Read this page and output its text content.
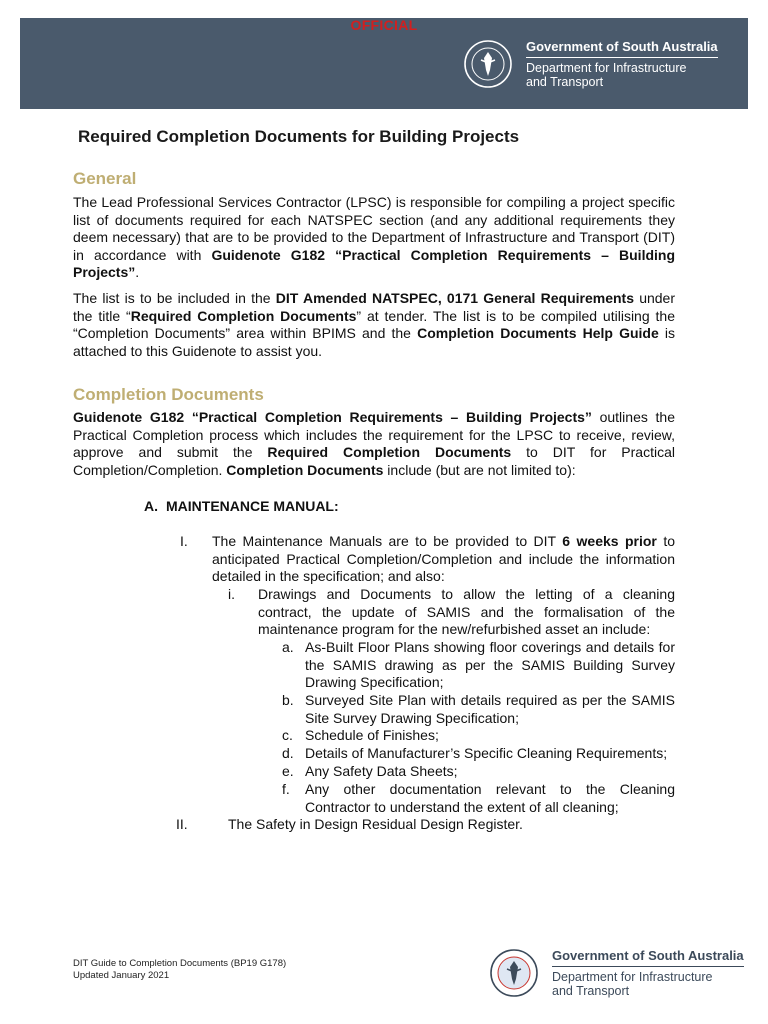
OFFICIAL
Government of South Australia
Department for Infrastructure
and Transport
Required Completion Documents for Building Projects
General
The Lead Professional Services Contractor (LPSC) is responsible for compiling a project specific list of documents required for each NATSPEC section (and any additional requirements they deem necessary) that are to be provided to the Department of Infrastructure and Transport (DIT) in accordance with Guidenote G182 “Practical Completion Requirements – Building Projects”.
The list is to be included in the DIT Amended NATSPEC, 0171 General Requirements under the title “Required Completion Documents” at tender. The list is to be compiled utilising the “Completion Documents” area within BPIMS and the Completion Documents Help Guide is attached to this Guidenote to assist you.
Completion Documents
Guidenote G182 “Practical Completion Requirements – Building Projects” outlines the Practical Completion process which includes the requirement for the LPSC to receive, review, approve and submit the Required Completion Documents to DIT for Practical Completion/Completion. Completion Documents include (but are not limited to):
A. MAINTENANCE MANUAL:
I. The Maintenance Manuals are to be provided to DIT 6 weeks prior to anticipated Practical Completion/Completion and include the information detailed in the specification; and also:
i. Drawings and Documents to allow the letting of a cleaning contract, the update of SAMIS and the formalisation of the maintenance program for the new/refurbished asset an include:
a. As-Built Floor Plans showing floor coverings and details for the SAMIS drawing as per the SAMIS Building Survey Drawing Specification;
b. Surveyed Site Plan with details required as per the SAMIS Site Survey Drawing Specification;
c. Schedule of Finishes;
d. Details of Manufacturer’s Specific Cleaning Requirements;
e. Any Safety Data Sheets;
f. Any other documentation relevant to the Cleaning Contractor to understand the extent of all cleaning;
II.	The Safety in Design Residual Design Register.
DIT Guide to Completion Documents (BP19 G178)
Updated January 2021
Government of South Australia
Department for Infrastructure
and Transport
